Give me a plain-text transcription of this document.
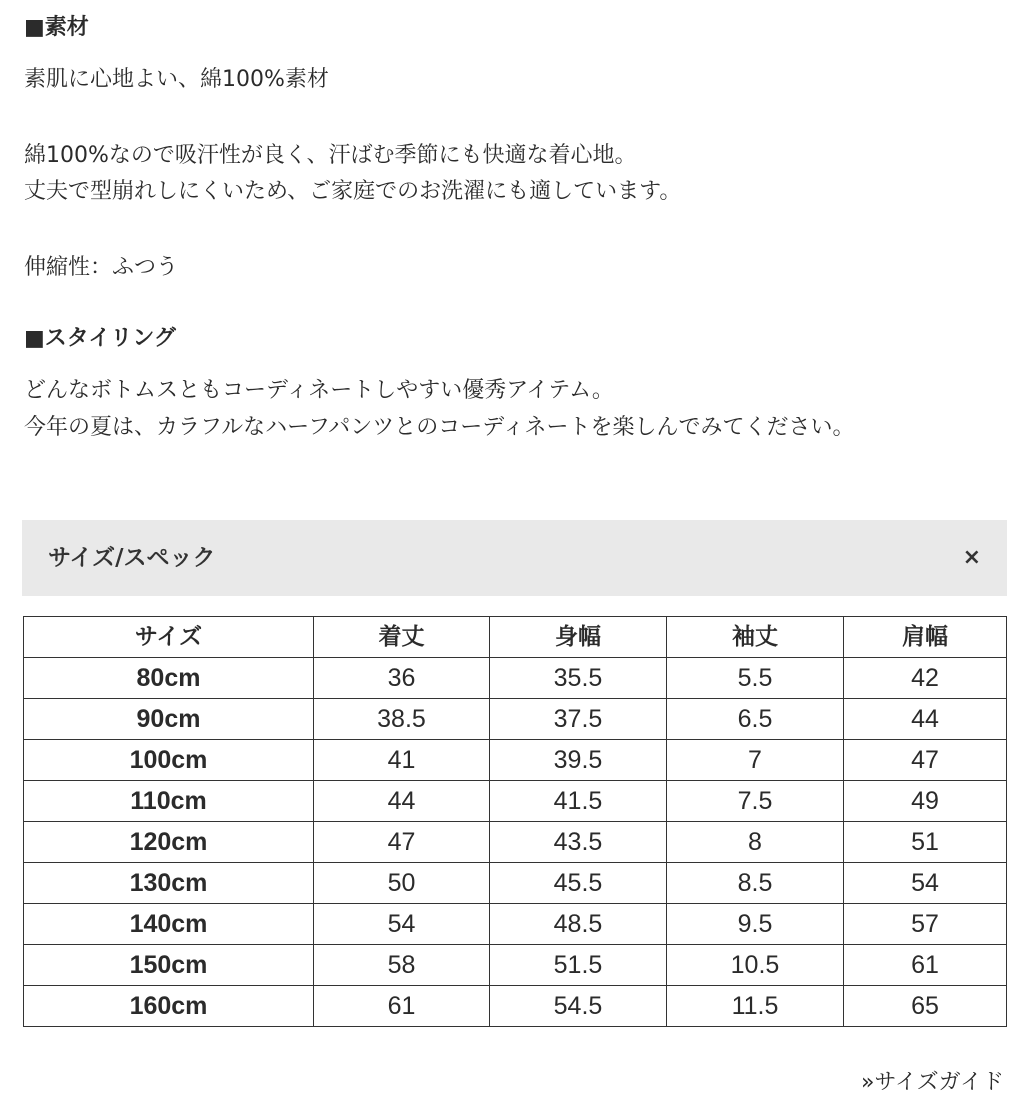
■素材

素肌に心地よい、綿100%素材

綿100%なので吸汗性が良く、汗ばむ季節にも快適な着心地。

丈夫で型崩れしにくいため、ご家庭でのお洗濯にも適しています。

伸縮性：ふつう

■スタイリング

どんなボトムスともコーディネートしやすい優秀アイテム。

今年の夏は、カラフルなハーフパンツとのコーディネートを楽しんでみてください。

サイズ/スペック	×
サイズ	着丈	身幅	袖丈	肩幅
80cm	36	35.5	5.5	42
90cm	38.5	37.5	6.5	44
100cm	41	39.5	7	47
110cm	44	41.5	7.5	49
120cm	47	43.5	8	51
130cm	50	45.5	8.5	54
140cm	54	48.5	9.5	57
150cm	58	51.5	10.5	61
160cm	61	54.5	11.5	65
»サイズガイド
